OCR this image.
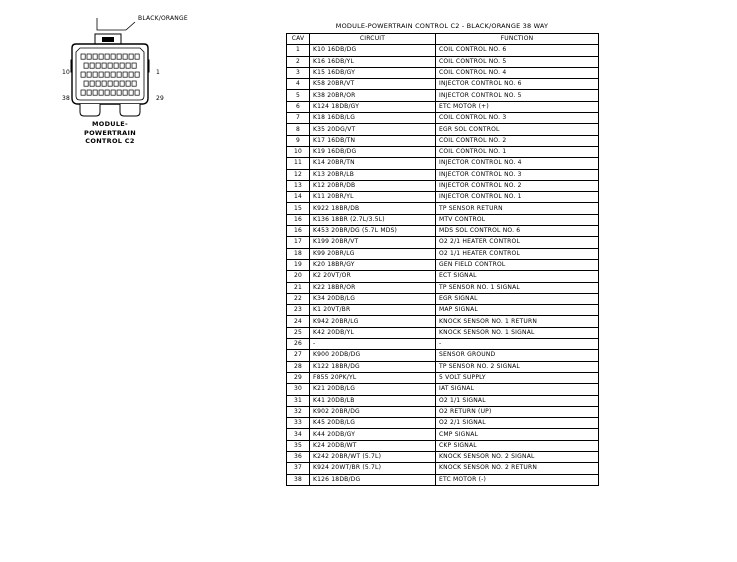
BLACK/ORANGE
10	1
38	29
MODULE-
POWERTRAIN
CONTROL C2
MODULE-POWERTRAIN CONTROL C2 - BLACK/ORANGE 38 WAY
CAV	CIRCUIT	FUNCTION
1	K10 16DB/DG	COIL CONTROL NO. 6
2	K16 16DB/YL	COIL CONTROL NO. 5
3	K15 16DB/GY	COIL CONTROL NO. 4
4	K58 20BR/VT	INJECTOR CONTROL NO. 6
5	K38 20BR/OR	INJECTOR CONTROL NO. 5
6	K124 18DB/GY	ETC MOTOR (+)
7	K18 16DB/LG	COIL CONTROL NO. 3
8	K35 20DG/VT	EGR SOL CONTROL
9	K17 16DB/TN	COIL CONTROL NO. 2
10	K19 16DB/DG	COIL CONTROL NO. 1
11	K14 20BR/TN	INJECTOR CONTROL NO. 4
12	K13 20BR/LB	INJECTOR CONTROL NO. 3
13	K12 20BR/DB	INJECTOR CONTROL NO. 2
14	K11 20BR/YL	INJECTOR CONTROL NO. 1
15	K922 18BR/DB	TP SENSOR RETURN
16	K136 18BR (2.7L/3.5L)	MTV CONTROL
16	K453 20BR/DG (5.7L MDS)	MDS SOL CONTROL NO. 6
17	K199 20BR/VT	O2 2/1 HEATER CONTROL
18	K99 20BR/LG	O2 1/1 HEATER CONTROL
19	K20 18BR/GY	GEN FIELD CONTROL
20	K2 20VT/OR	ECT SIGNAL
21	K22 18BR/OR	TP SENSOR NO. 1 SIGNAL
22	K34 20DB/LG	EGR SIGNAL
23	K1 20VT/BR	MAP SIGNAL
24	K942 20BR/LG	KNOCK SENSOR NO. 1 RETURN
25	K42 20DB/YL	KNOCK SENSOR NO. 1 SIGNAL
26	-	-
27	K900 20DB/DG	SENSOR GROUND
28	K122 18BR/DG	TP SENSOR NO. 2 SIGNAL
29	F855 20PK/YL	5 VOLT SUPPLY
30	K21 20DB/LG	IAT SIGNAL
31	K41 20DB/LB	O2 1/1 SIGNAL
32	K902 20BR/DG	O2 RETURN (UP)
33	K45 20DB/LG	O2 2/1 SIGNAL
34	K44 20DB/GY	CMP SIGNAL
35	K24 20DB/WT	CKP SIGNAL
36	K242 20BR/WT (5.7L)	KNOCK SENSOR NO. 2 SIGNAL
37	K924 20WT/BR (5.7L)	KNOCK SENSOR NO. 2 RETURN
38	K126 18DB/DG	ETC MOTOR (-)
